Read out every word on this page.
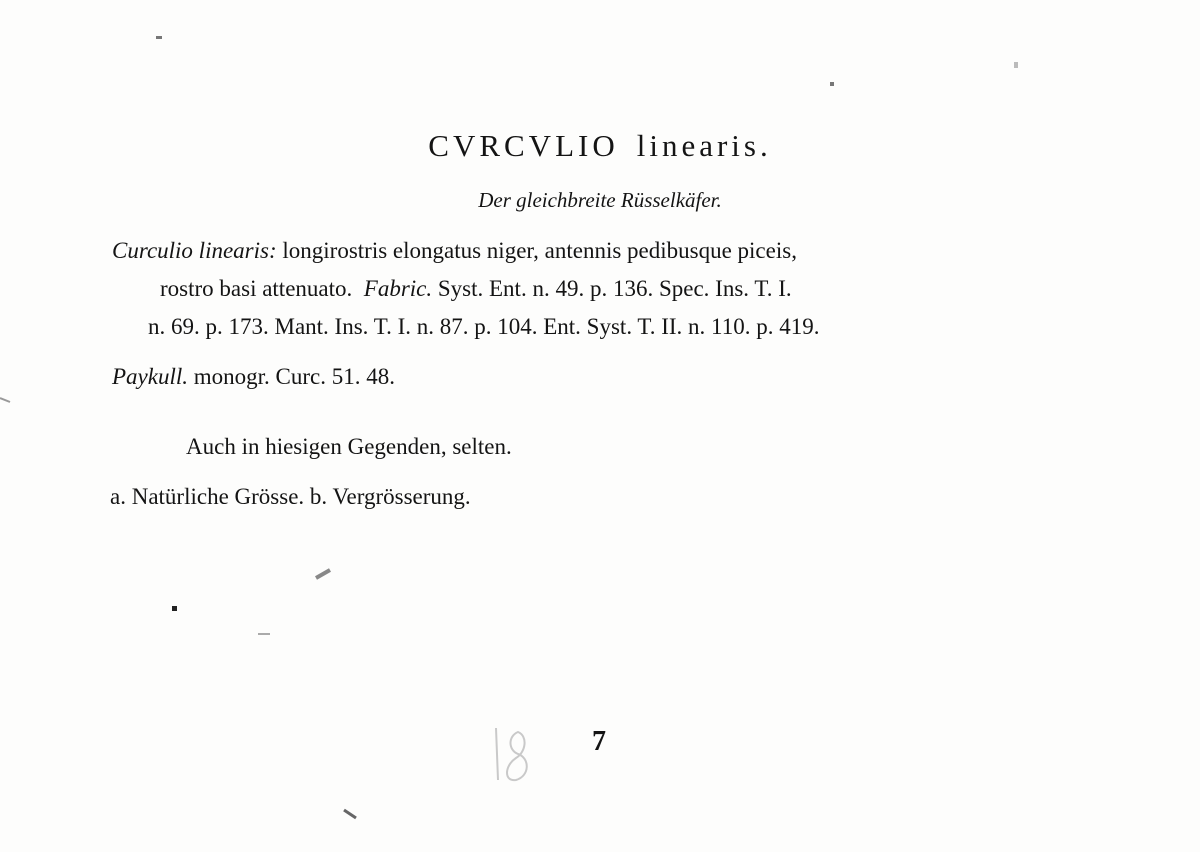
CVRCVLIO linearis.
Der gleichbreite Rüsselkäfer.
Curculio linearis: longirostris elongatus niger, antennis pedibusque piceis,
rostro basi attenuato. Fabric. Syst. Ent. n. 49. p. 136. Spec. Ins. T. I.
n. 69. p. 173. Mant. Ins. T. I. n. 87. p. 104. Ent. Syst. T. II. n. 110. p. 419.
Paykull. monogr. Curc. 51. 48.
Auch in hiesigen Gegenden, selten.
a. Natürliche Grösse. b. Vergrösserung.
7
